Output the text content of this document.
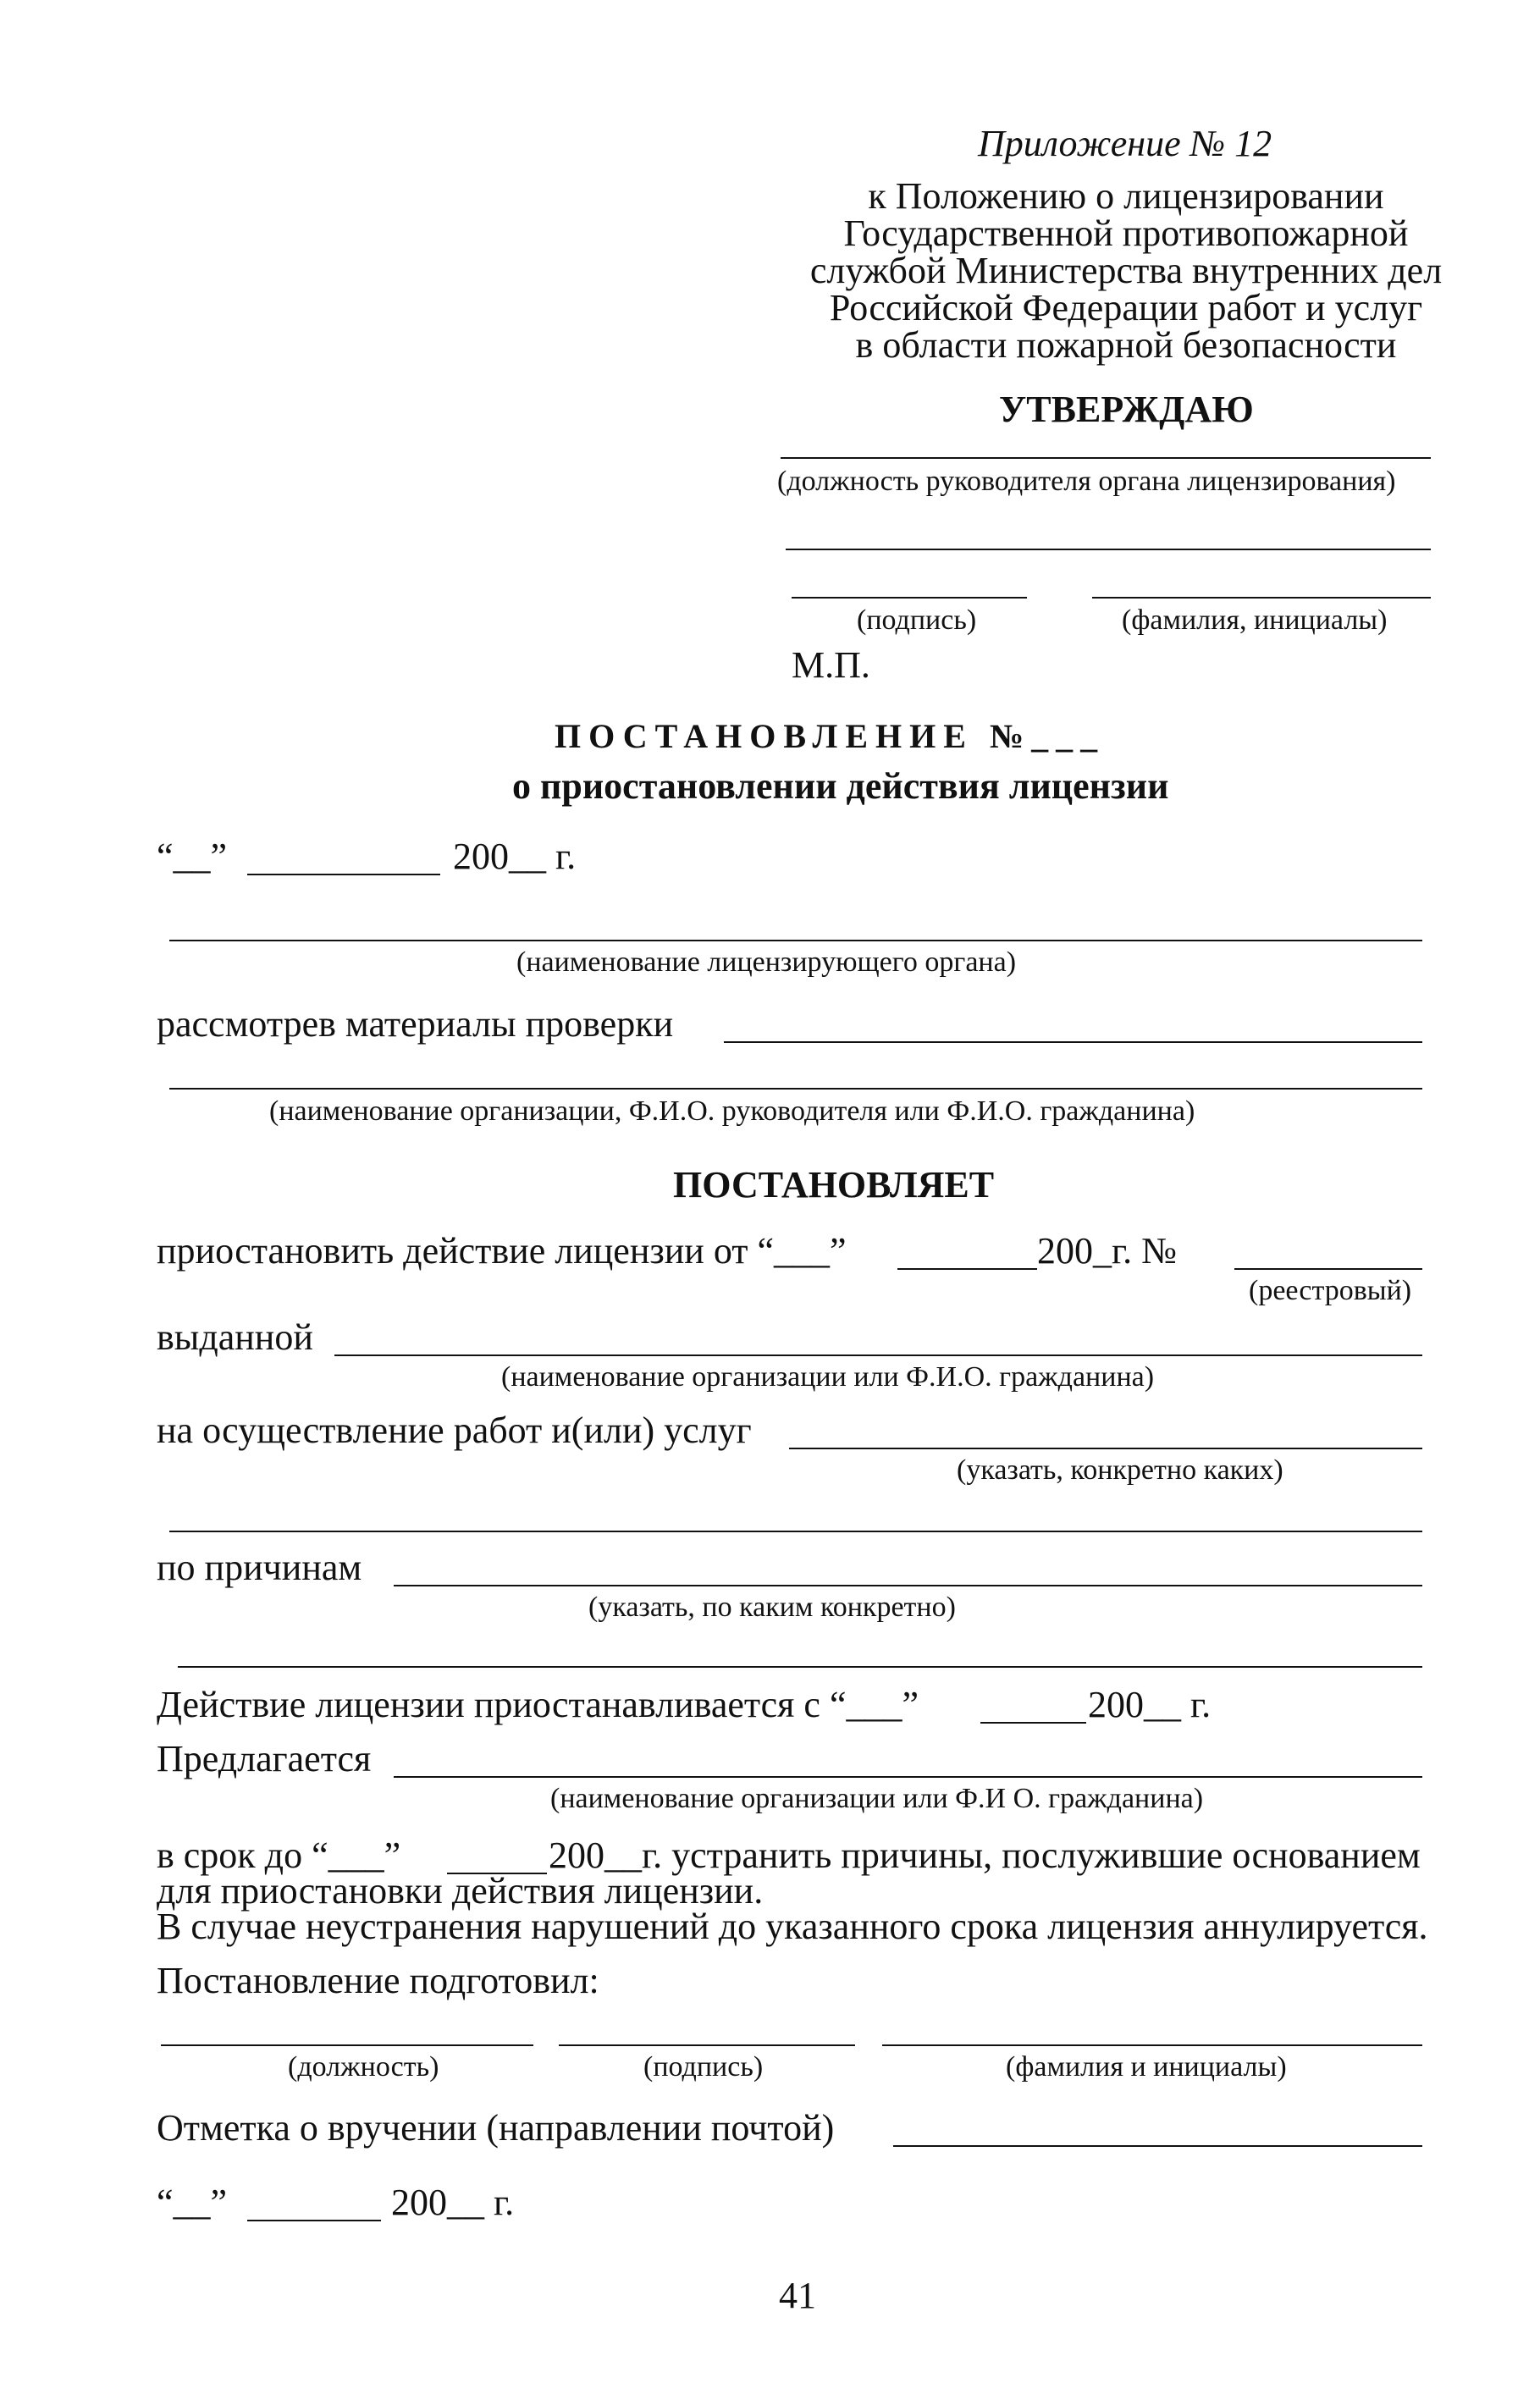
Приложение № 12
к Положению о лицензировании
Государственной противопожарной
службой Министерства внутренних дел
Российской Федерации работ и услуг
в области пожарной безопасности
УТВЕРЖДАЮ
(должность руководителя органа лицензирования)
(подпись)	(фамилия, инициалы)
М.П.
ПОСТАНОВЛЕНИЕ №___
о приостановлении действия лицензии
“__”	200__ г.
(наименование лицензирующего органа)
рассмотрев материалы проверки
(наименование организации, Ф.И.О. руководителя или Ф.И.О. гражданина)
ПОСТАНОВЛЯЕТ
приостановить действие лицензии от “___”	200_г. №
(реестровый)
выданной
(наименование организации или Ф.И.О. гражданина)
на осуществление работ и(или) услуг
(указать, конкретно каких)
по причинам
(указать, по каким конкретно)
Действие лицензии приостанавливается с “___”	200__ г.
Предлагается
(наименование организации или Ф.И О. гражданина)
в срок до “___”	200__г. устранить причины, послужившие основанием
для приостановки действия лицензии.
В случае неустранения нарушений до указанного срока лицензия аннулируется.
Постановление подготовил:
(должность)	(подпись)	(фамилия и инициалы)
Отметка о вручении (направлении почтой)
“__”	200__ г.
41
